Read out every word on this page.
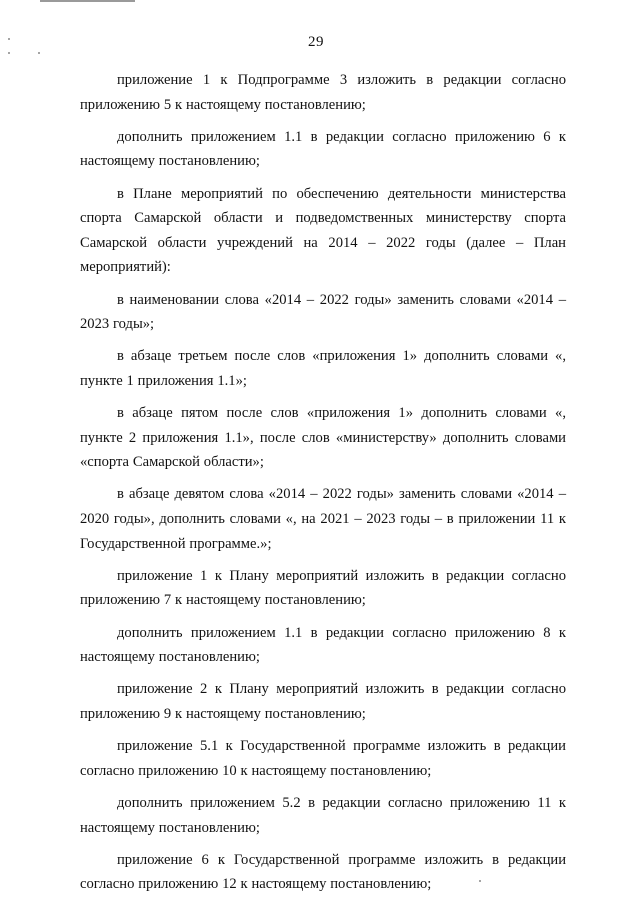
29

приложение 1 к Подпрограмме 3 изложить в редакции согласно приложению 5 к настоящему постановлению;

дополнить приложением 1.1 в редакции согласно приложению 6 к настоящему постановлению;

в Плане мероприятий по обеспечению деятельности министерства спорта Самарской области и подведомственных министерству спорта Самарской области учреждений на 2014 – 2022 годы (далее – План мероприятий):

в наименовании слова «2014 – 2022 годы» заменить словами «2014 – 2023 годы»;

в абзаце третьем после слов «приложения 1» дополнить словами «, пункте 1 приложения 1.1»;

в абзаце пятом после слов «приложения 1» дополнить словами «, пункте 2 приложения 1.1», после слов «министерству» дополнить словами «спорта Самарской области»;

в абзаце девятом слова «2014 – 2022 годы» заменить словами «2014 – 2020 годы», дополнить словами «, на 2021 – 2023 годы – в приложении 11 к Государственной программе.»;

приложение 1 к Плану мероприятий изложить в редакции согласно приложению 7 к настоящему постановлению;

дополнить приложением 1.1 в редакции согласно приложению 8 к настоящему постановлению;

приложение 2 к Плану мероприятий изложить в редакции согласно приложению 9 к настоящему постановлению;

приложение 5.1 к Государственной программе изложить в редакции согласно приложению 10 к настоящему постановлению;

дополнить приложением 5.2 в редакции согласно приложению 11 к настоящему постановлению;

приложение 6 к Государственной программе изложить в редакции согласно приложению 12 к настоящему постановлению;
